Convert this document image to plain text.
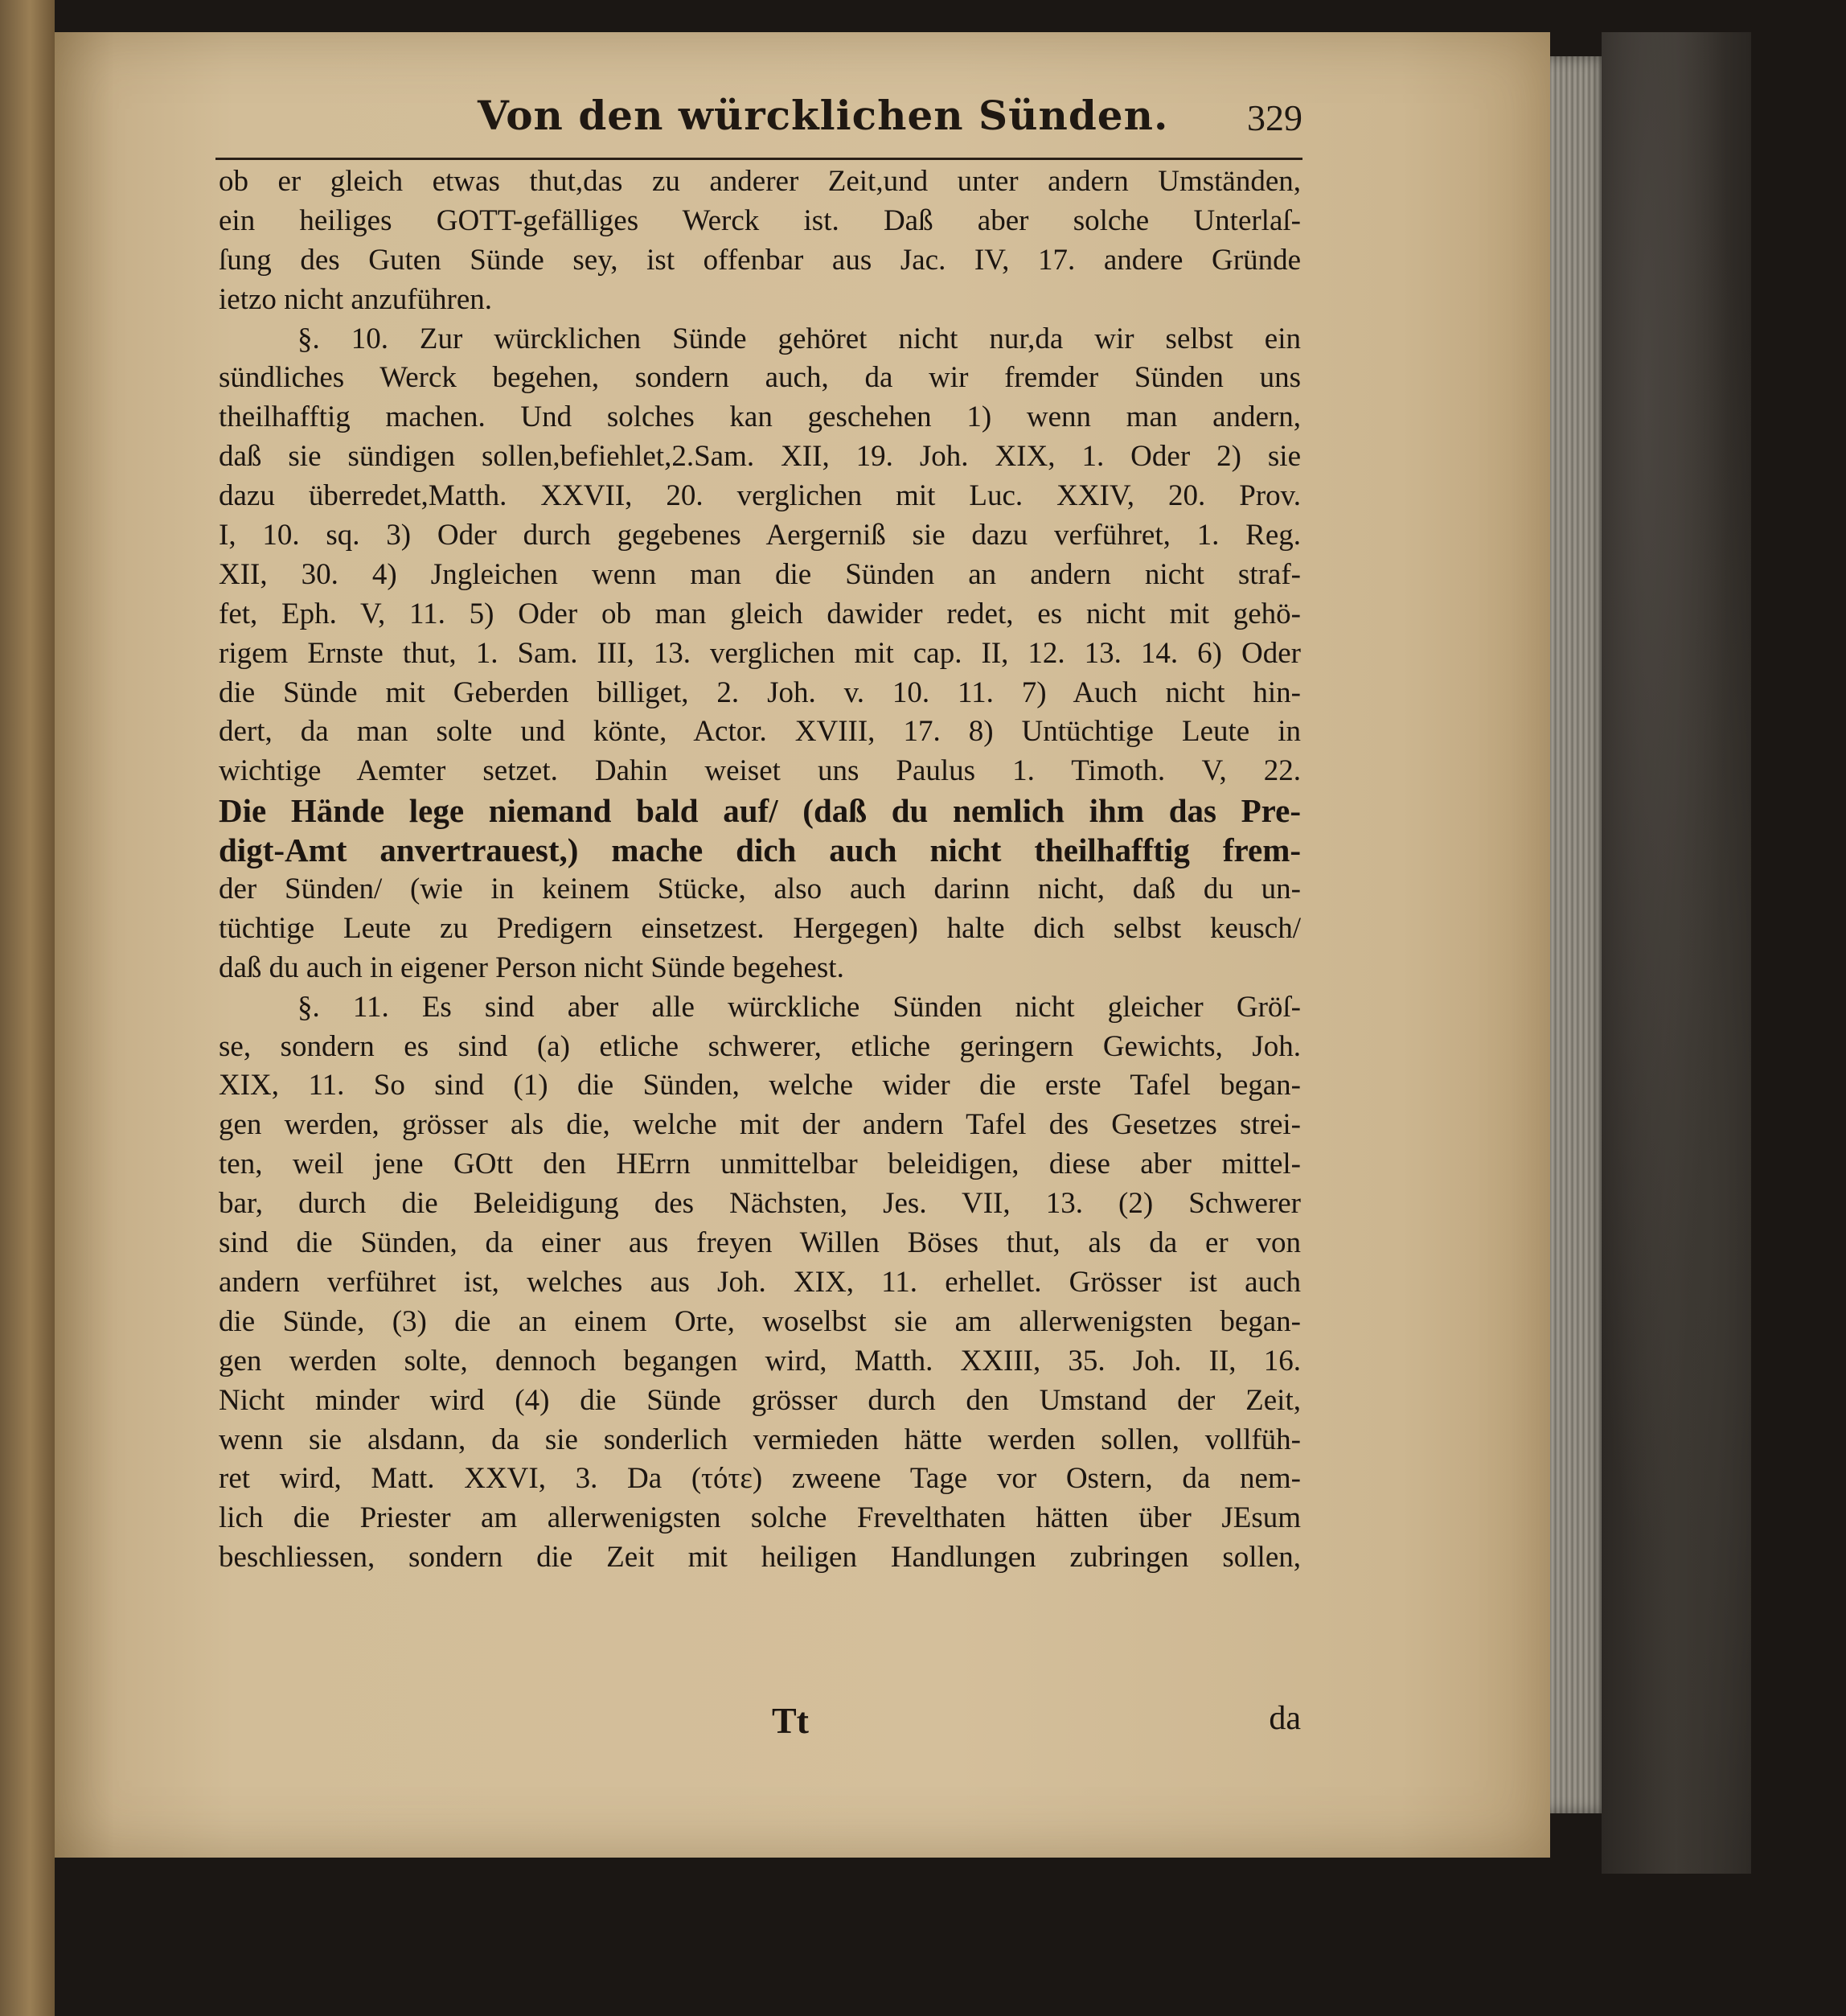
Von den würcklichen Sünden. 329
ob er gleich etwas thut,das zu anderer Zeit,und unter andern Umständen,
ein heiliges GOTT-gefälliges Werck ist. Daß aber solche Unterlaſ-
ſung des Guten Sünde sey, ist offenbar aus Jac. IV, 17. andere Gründe
ietzo nicht anzuführen.
§. 10. Zur würcklichen Sünde gehöret nicht nur,da wir selbst ein
sündliches Werck begehen, sondern auch, da wir fremder Sünden uns
theilhafftig machen. Und solches kan geschehen 1) wenn man andern,
daß sie sündigen sollen,befiehlet,2.Sam. XII, 19. Joh. XIX, 1. Oder 2) sie
dazu überredet,Matth. XXVII, 20. verglichen mit Luc. XXIV, 20. Prov.
I, 10. sq. 3) Oder durch gegebenes Aergerniß sie dazu verführet, 1. Reg.
XII, 30. 4) Jngleichen wenn man die Sünden an andern nicht straf-
fet, Eph. V, 11. 5) Oder ob man gleich dawider redet, es nicht mit gehö-
rigem Ernste thut, 1. Sam. III, 13. verglichen mit cap. II, 12. 13. 14. 6) Oder
die Sünde mit Geberden billiget, 2. Joh. v. 10. 11. 7) Auch nicht hin-
dert, da man solte und könte, Actor. XVIII, 17. 8) Untüchtige Leute in
wichtige Aemter setzet. Dahin weiset uns Paulus 1. Timoth. V, 22.
Die Hände lege niemand bald auf/ (daß du nemlich ihm das Pre-
digt-Amt anvertrauest,) mache dich auch nicht theilhafftig frem-
der Sünden/ (wie in keinem Stücke, also auch darinn nicht, daß du un-
tüchtige Leute zu Predigern einsetzest. Hergegen) halte dich selbst keusch/
daß du auch in eigener Person nicht Sünde begehest.
§. 11. Es sind aber alle würckliche Sünden nicht gleicher Gröſ-
se, sondern es sind (a) etliche schwerer, etliche geringern Gewichts, Joh.
XIX, 11. So sind (1) die Sünden, welche wider die erste Tafel began-
gen werden, grösser als die, welche mit der andern Tafel des Gesetzes strei-
ten, weil jene GOtt den HErrn unmittelbar beleidigen, diese aber mittel-
bar, durch die Beleidigung des Nächsten, Jes. VII, 13. (2) Schwerer
sind die Sünden, da einer aus freyen Willen Böses thut, als da er von
andern verführet ist, welches aus Joh. XIX, 11. erhellet. Grösser ist auch
die Sünde, (3) die an einem Orte, woselbst sie am allerwenigsten began-
gen werden solte, dennoch begangen wird, Matth. XXIII, 35. Joh. II, 16.
Nicht minder wird (4) die Sünde grösser durch den Umstand der Zeit,
wenn sie alsdann, da sie sonderlich vermieden hätte werden sollen, vollfüh-
ret wird, Matt. XXVI, 3. Da (τότε) zweene Tage vor Ostern, da nem-
lich die Priester am allerwenigsten solche Frevelthaten hätten über JEsum
beschliessen, sondern die Zeit mit heiligen Handlungen zubringen sollen,
Tt	da
